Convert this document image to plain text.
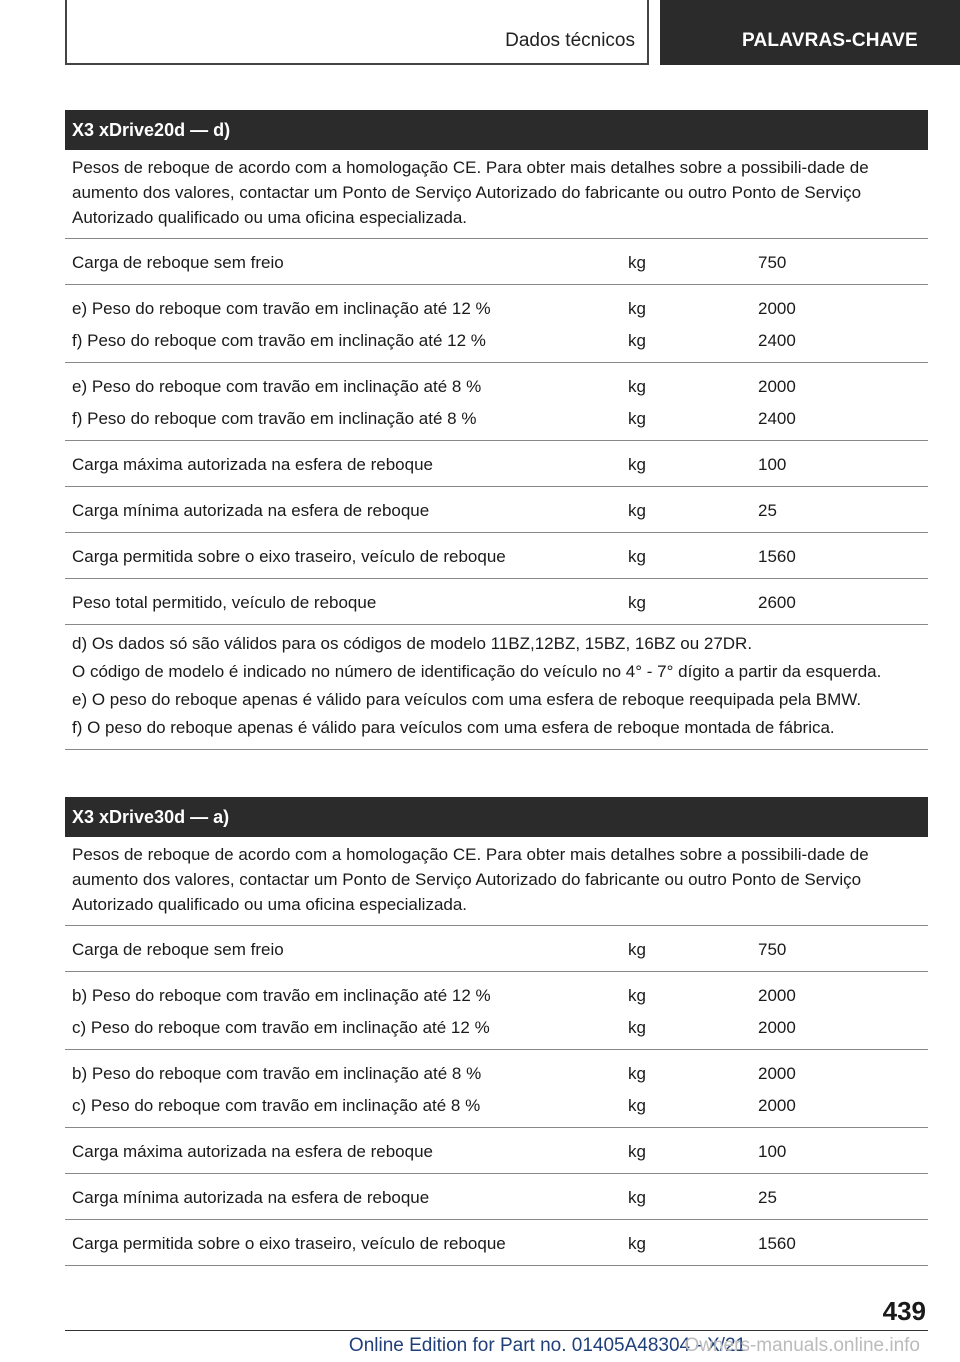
Dados técnicos	PALAVRAS-CHAVE
X3 xDrive20d — d)
Pesos de reboque de acordo com a homologação CE. Para obter mais detalhes sobre a possibili-dade de aumento dos valores, contactar um Ponto de Serviço Autorizado do fabricante ou outro Ponto de Serviço Autorizado qualificado ou uma oficina especializada.
Carga de reboque sem freio	kg	750
e) Peso do reboque com travão em inclinação até 12 %	kg	2000
f) Peso do reboque com travão em inclinação até 12 %	kg	2400
e) Peso do reboque com travão em inclinação até 8 %	kg	2000
f) Peso do reboque com travão em inclinação até 8 %	kg	2400
Carga máxima autorizada na esfera de reboque	kg	100
Carga mínima autorizada na esfera de reboque	kg	25
Carga permitida sobre o eixo traseiro, veículo de reboque	kg	1560
Peso total permitido, veículo de reboque	kg	2600
d) Os dados só são válidos para os códigos de modelo 11BZ,12BZ, 15BZ, 16BZ ou 27DR.
O código de modelo é indicado no número de identificação do veículo no 4° - 7° dígito a partir da esquerda.
e) O peso do reboque apenas é válido para veículos com uma esfera de reboque reequipada pela BMW.
f) O peso do reboque apenas é válido para veículos com uma esfera de reboque montada de fábrica.
X3 xDrive30d — a)
Pesos de reboque de acordo com a homologação CE. Para obter mais detalhes sobre a possibili-dade de aumento dos valores, contactar um Ponto de Serviço Autorizado do fabricante ou outro Ponto de Serviço Autorizado qualificado ou uma oficina especializada.
Carga de reboque sem freio	kg	750
b) Peso do reboque com travão em inclinação até 12 %	kg	2000
c) Peso do reboque com travão em inclinação até 12 %	kg	2000
b) Peso do reboque com travão em inclinação até 8 %	kg	2000
c) Peso do reboque com travão em inclinação até 8 %	kg	2000
Carga máxima autorizada na esfera de reboque	kg	100
Carga mínima autorizada na esfera de reboque	kg	25
Carga permitida sobre o eixo traseiro, veículo de reboque	kg	1560
439
Online Edition for Part no. 01405A48304 - X/21
Owners-manuals.online.info
